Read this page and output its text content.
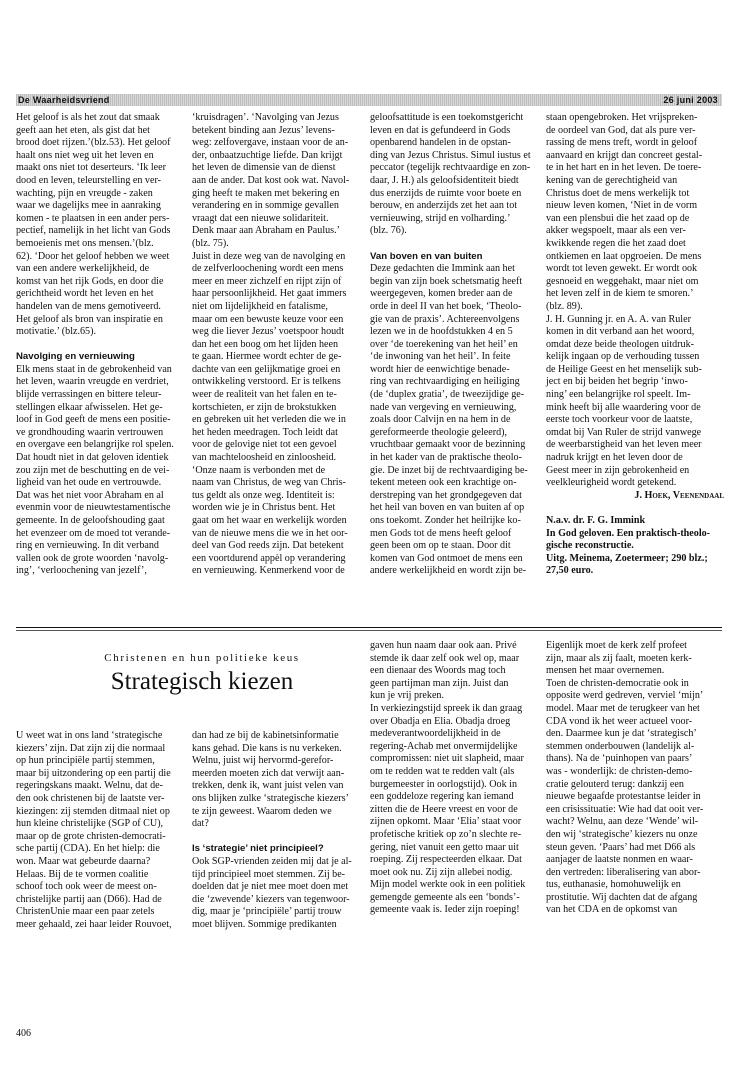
De Waarheidsvriend	26 juni 2003

Het geloof is als het zout dat smaak

geeft aan het eten, als gist dat het

brood doet rijzen.’(blz.53). Het geloof

haalt ons niet weg uit het leven en

maakt ons niet tot deserteurs. ‘Ik leer

dood en leven, teleurstelling en ver-

wachting, pijn en vreugde - zaken

waar we dagelijks mee in aanraking

komen - te plaatsen in een ander pers-

pectief, namelijk in het licht van Gods

bemoeienis met ons mensen.’(blz.

62). ‘Door het geloof hebben we weet

van een andere werkelijkheid, de

komst van het rijk Gods, en door die

gerichtheid wordt het leven en het

handelen van de mens gemotiveerd.

Het geloof als bron van inspiratie en

motivatie.’ (blz.65).

Navolging en vernieuwing

Elk mens staat in de gebrokenheid van

het leven, waarin vreugde en verdriet,

blijde verrassingen en bittere teleur-

stellingen elkaar afwisselen. Het ge-

loof in God geeft de mens een positie-

ve grondhouding waarin vertrouwen

en overgave een belangrijke rol spelen.

Dat houdt niet in dat geloven identiek

zou zijn met de beschutting en de vei-

ligheid van het oude en vertrouwde.

Dat was het niet voor Abraham en al

evenmin voor de nieuwtestamentische

gemeente. In de geloofshouding gaat

het evenzeer om de moed tot verande-

ring en vernieuwing. In dit verband

vallen ook de grote woorden ‘navolg-

ing’, ‘verloochening van jezelf’,

‘kruisdragen’. ‘Navolging van Jezus

betekent binding aan Jezus’ levens-

weg: zelfovergave, instaan voor de an-

der, onbaatzuchtige liefde. Dan krijgt

het leven de dimensie van de dienst

aan de ander. Dat kost ook wat. Navol-

ging heeft te maken met bekering en

verandering en in sommige gevallen

vraagt dat een nieuwe solidariteit.

Denk maar aan Abraham en Paulus.’

(blz. 75).

Juist in deze weg van de navolging en

de zelfverloochening wordt een mens

meer en meer zichzelf en rijpt zijn of

haar persoonlijkheid. Het gaat immers

niet om lijdelijkheid en fatalisme,

maar om een bewuste keuze voor een

weg die liever Jezus’ voetspoor houdt

dan het een boog om het lijden heen

te gaan. Hiermee wordt echter de ge-

dachte van een gelijkmatige groei en

ontwikkeling verstoord. Er is telkens

weer de realiteit van het falen en te-

kortschieten, er zijn de brokstukken

en gebreken uit het verleden die we in

het heden meedragen. Toch leidt dat

voor de gelovige niet tot een gevoel

van machteloosheid en zinloosheid.

‘Onze naam is verbonden met de

naam van Christus, de weg van Chris-

tus geldt als onze weg. Identiteit is:

worden wie je in Christus bent. Het

gaat om het waar en werkelijk worden

van de nieuwe mens die we in het oor-

deel van God reeds zijn. Dat betekent

een voortdurend appèl op verandering

en vernieuwing. Kenmerkend voor de

geloofsattitude is een toekomstgericht

leven en dat is gefundeerd in Gods

openbarend handelen in de opstan-

ding van Jezus Christus. Simul iustus et

peccator (tegelijk rechtvaardige en zon-

daar, J. H.) als geloofsidentiteit biedt

dus enerzijds de ruimte voor boete en

berouw, en anderzijds zet het aan tot

vernieuwing, strijd en volharding.’

(blz. 76).

Van boven en van buiten

Deze gedachten die Immink aan het

begin van zijn boek schetsmatig heeft

weergegeven, komen breder aan de

orde in deel II van het boek, ‘Theolo-

gie van de praxis’. Achtereenvolgens

lezen we in de hoofdstukken 4 en 5

over ‘de toerekening van het heil’ en

‘de inwoning van het heil’. In feite

wordt hier de eenwichtige benade-

ring van rechtvaardiging en heiliging

(de ‘duplex gratia’, de tweezijdige ge-

nade van vergeving en vernieuwing,

zoals door Calvijn en na hem in de

gereformeerde theologie geleerd),

vruchtbaar gemaakt voor de bezinning

in het kader van de praktische theolo-

gie. De inzet bij de rechtvaardiging be-

tekent meteen ook een krachtige on-

derstreping van het grondgegeven dat

het heil van boven en van buiten af op

ons toekomt. Zonder het heilrijke ko-

men Gods tot de mens heeft geloof

geen been om op te staan. Door dit

komen van God ontmoet de mens een

andere werkelijkheid en wordt zijn be-

staan opengebroken. Het vrijspreken-

de oordeel van God, dat als pure ver-

rassing de mens treft, wordt in geloof

aanvaard en krijgt dan concreet gestal-

te in het hart en in het leven. De toere-

kening van de gerechtigheid van

Christus doet de mens werkelijk tot

nieuw leven komen, ‘Niet in de vorm

van een plensbui die het zaad op de

akker wegspoelt, maar als een ver-

kwikkende regen die het zaad doet

ontkiemen en laat opgroeien. De mens

wordt tot leven gewekt. Er wordt ook

gesnoeid en weggehakt, maar niet om

het leven zelf in de kiem te smoren.’

(blz. 89).

J. H. Gunning jr. en A. A. van Ruler

komen in dit verband aan het woord,

omdat deze beide theologen uitdruk-

kelijk ingaan op de verhouding tussen

de Heilige Geest en het menselijk sub-

ject en bij beiden het begrip ‘inwo-

ning’ een belangrijke rol speelt. Im-

mink heeft bij alle waardering voor de

eerste toch voorkeur voor de laatste,

omdat bij Van Ruler de strijd vanwege

de weerbarstigheid van het leven meer

nadruk krijgt en het leven door de

Geest meer in zijn gebrokenheid en

veelkleurigheid wordt getekend.

J. Hoek, Veenendaal

N.a.v. dr. F. G. Immink

In God geloven. Een praktisch-theolo-

gische reconstructie.

Uitg. Meinema, Zoetermeer; 290 blz.;

27,50 euro.

Christenen en hun politieke keus
Strategisch kiezen

U weet wat in ons land ‘strategische

kiezers’ zijn. Dat zijn zij die normaal

op hun principiële partij stemmen,

maar bij uitzondering op een partij die

regeringskans maakt. Welnu, dat de-

den ook christenen bij de laatste ver-

kiezingen: zij stemden ditmaal niet op

hun kleine christelijke (SGP of CU),

maar op de grote christen-democrati-

sche partij (CDA). En het hielp: die

won. Maar wat gebeurde daarna?

Helaas. Bij de te vormen coalitie

schoof toch ook weer de meest on-

christelijke partij aan (D66). Had de

ChristenUnie maar een paar zetels

meer gehaald, zei haar leider Rouvoet,

dan had ze bij de kabinetsinformatie

kans gehad. Die kans is nu verkeken.

Welnu, juist wij hervormd-gerefor-

meerden moeten zich dat verwijt aan-

trekken, denk ik, want juist velen van

ons blijken zulke ‘strategische kiezers’

te zijn geweest. Waarom deden we

dat?

Is ‘strategie’ niet principieel?

Ook SGP-vrienden zeiden mij dat je al-

tijd principieel moet stemmen. Zij be-

doelden dat je niet mee moet doen met

die ‘zwevende’ kiezers van tegenwoor-

dig, maar je ‘principiële’ partij trouw

moet blijven. Sommige predikanten

gaven hun naam daar ook aan. Privé

stemde ik daar zelf ook wel op, maar

een dienaar des Woords mag toch

geen partijman man zijn. Juist dan

kun je vrij preken.

In verkiezingstijd spreek ik dan graag

over Obadja en Elia. Obadja droeg

medeverantwoordelijkheid in de

regering-Achab met onvermijdelijke

compromissen: niet uit slapheid, maar

om te redden wat te redden valt (als

burgemeester in oorlogstijd). Ook in

een goddeloze regering kan iemand

zitten die de Heere vreest en voor de

zijnen opkomt. Maar ‘Elia’ staat voor

profetische kritiek op zo’n slechte re-

gering, niet vanuit een getto maar uit

roeping. Zij respecteerden elkaar. Dat

moet ook nu. Zij zijn allebei nodig.

Mijn model werkte ook in een politiek

gemengde gemeente als een ‘bonds’-

gemeente vaak is. Ieder zijn roeping!

Eigenlijk moet de kerk zelf profeet

zijn, maar als zij faalt, moeten kerk-

mensen het maar overnemen.

Toen de christen-democratie ook in

opposite werd gedreven, verviel ‘mijn’

model. Maar met de terugkeer van het

CDA vond ik het weer actueel voor-

den. Daarmee kun je dat ‘strategisch’

stemmen onderbouwen (landelijk al-

thans). Na de ‘puinhopen van paars’

was - wonderlijk: de christen-demo-

cratie gelouterd terug: dankzij een

nieuwe begaafde protestantse leider in

een crisissituatie: Wie had dat ooit ver-

wacht? Welnu, aan deze ‘Wende’ wil-

den wij ‘strategische’ kiezers nu onze

steun geven. ‘Paars’ had met D66 als

aanjager de laatste nonmen en waar-

den vertreden: liberalisering van abor-

tus, euthanasie, homohuwelijk en

prostitutie. Wij dachten dat de afgang

van het CDA en de opkomst van

406
